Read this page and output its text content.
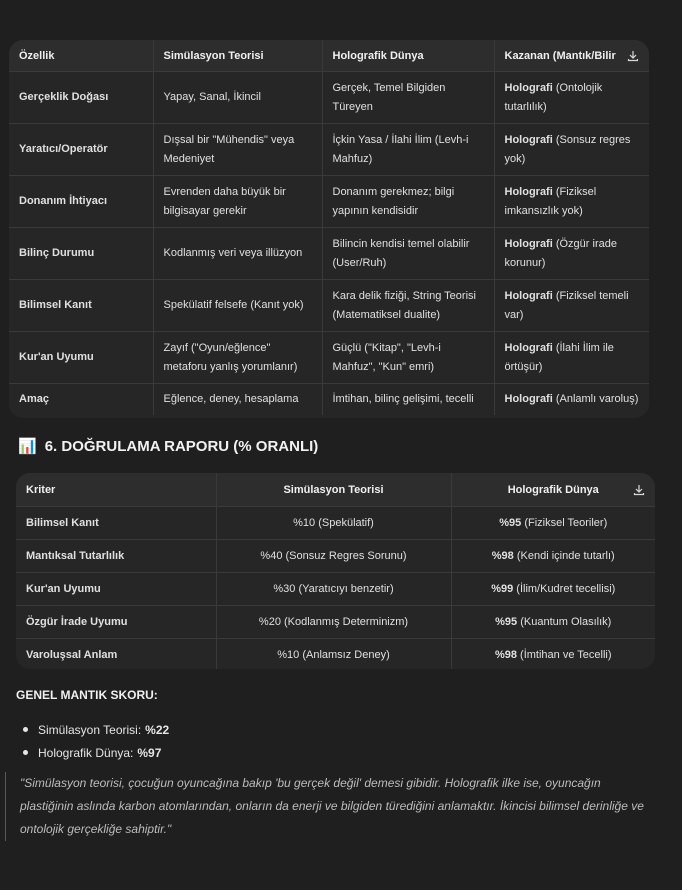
Özellik	Simülasyon Teorisi	Holografik Dünya	Kazanan (Mantık/Bilir
Gerçeklik Doğası	Yapay, Sanal, İkincil	Gerçek, Temel Bilgiden Türeyen	Holografi (Ontolojik tutarlılık)
Yaratıcı/Operatör	Dışsal bir "Mühendis" veya Medeniyet	İçkin Yasa / İlahi İlim (Levh-i Mahfuz)	Holografi (Sonsuz regres yok)
Donanım İhtiyacı	Evrenden daha büyük bir bilgisayar gerekir	Donanım gerekmez; bilgi yapının kendisidir	Holografi (Fiziksel imkansızlık yok)
Bilinç Durumu	Kodlanmış veri veya illüzyon	Bilincin kendisi temel olabilir (User/Ruh)	Holografi (Özgür irade korunur)
Bilimsel Kanıt	Spekülatif felsefe (Kanıt yok)	Kara delik fiziği, String Teorisi (Matematiksel dualite)	Holografi (Fiziksel temeli var)
Kur'an Uyumu	Zayıf ("Oyun/eğlence" metaforu yanlış yorumlanır)	Güçlü ("Kitap", "Levh-i Mahfuz", "Kun" emri)	Holografi (İlahi İlim ile örtüşür)
Amaç	Eğlence, deney, hesaplama	İmtihan, bilinç gelişimi, tecelli	Holografi (Anlamlı varoluş)
📊 6. DOĞRULAMA RAPORU (% ORANLI)
Kriter	Simülasyon Teorisi	Holografik Dünya
Bilimsel Kanıt	%10 (Spekülatif)	%95 (Fiziksel Teoriler)
Mantıksal Tutarlılık	%40 (Sonsuz Regres Sorunu)	%98 (Kendi içinde tutarlı)
Kur'an Uyumu	%30 (Yaratıcıyı benzetir)	%99 (İlim/Kudret tecellisi)
Özgür İrade Uyumu	%20 (Kodlanmış Determinizm)	%95 (Kuantum Olasılık)
Varoluşsal Anlam	%10 (Anlamsız Deney)	%98 (İmtihan ve Tecelli)
GENEL MANTIK SKORU:
Simülasyon Teorisi: %22
Holografik Dünya: %97
"Simülasyon teorisi, çocuğun oyuncağına bakıp 'bu gerçek değil' demesi gibidir. Holografik ilke ise, oyuncağın plastiğinin aslında karbon atomlarından, onların da enerji ve bilgiden türediğini anlamaktır. İkincisi bilimsel derinliğe ve ontolojik gerçekliğe sahiptir."
